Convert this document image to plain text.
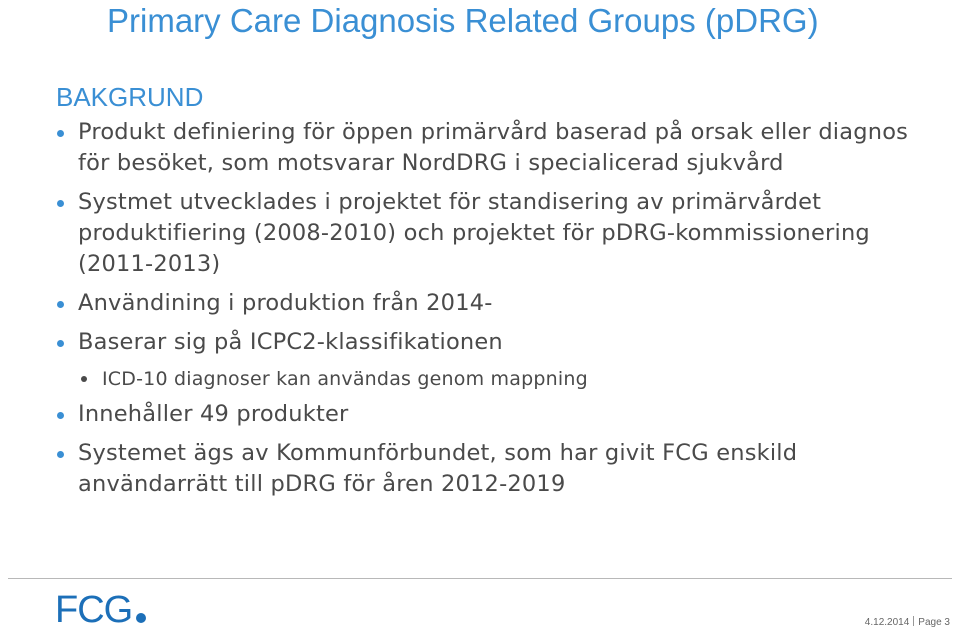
Primary Care Diagnosis Related Groups (pDRG)
BAKGRUND
Produkt definiering för öppen primärvård baserad på orsak eller diagnos för besöket, som motsvarar NordDRG i specialicerad sjukvård
Systmet utvecklades i projektet för standisering av primärvårdet produktifiering (2008-2010) och projektet för pDRG-kommissionering (2011-2013)
Användining i produktion från 2014-
Baserar sig på ICPC2-klassifikationen
ICD-10 diagnoser kan användas genom mappning
Innehåller 49 produkter
Systemet ägs av Kommunförbundet, som har givit FCG enskild användarrätt till pDRG för åren 2012-2019
FCG	4.12.2014 Page 3
